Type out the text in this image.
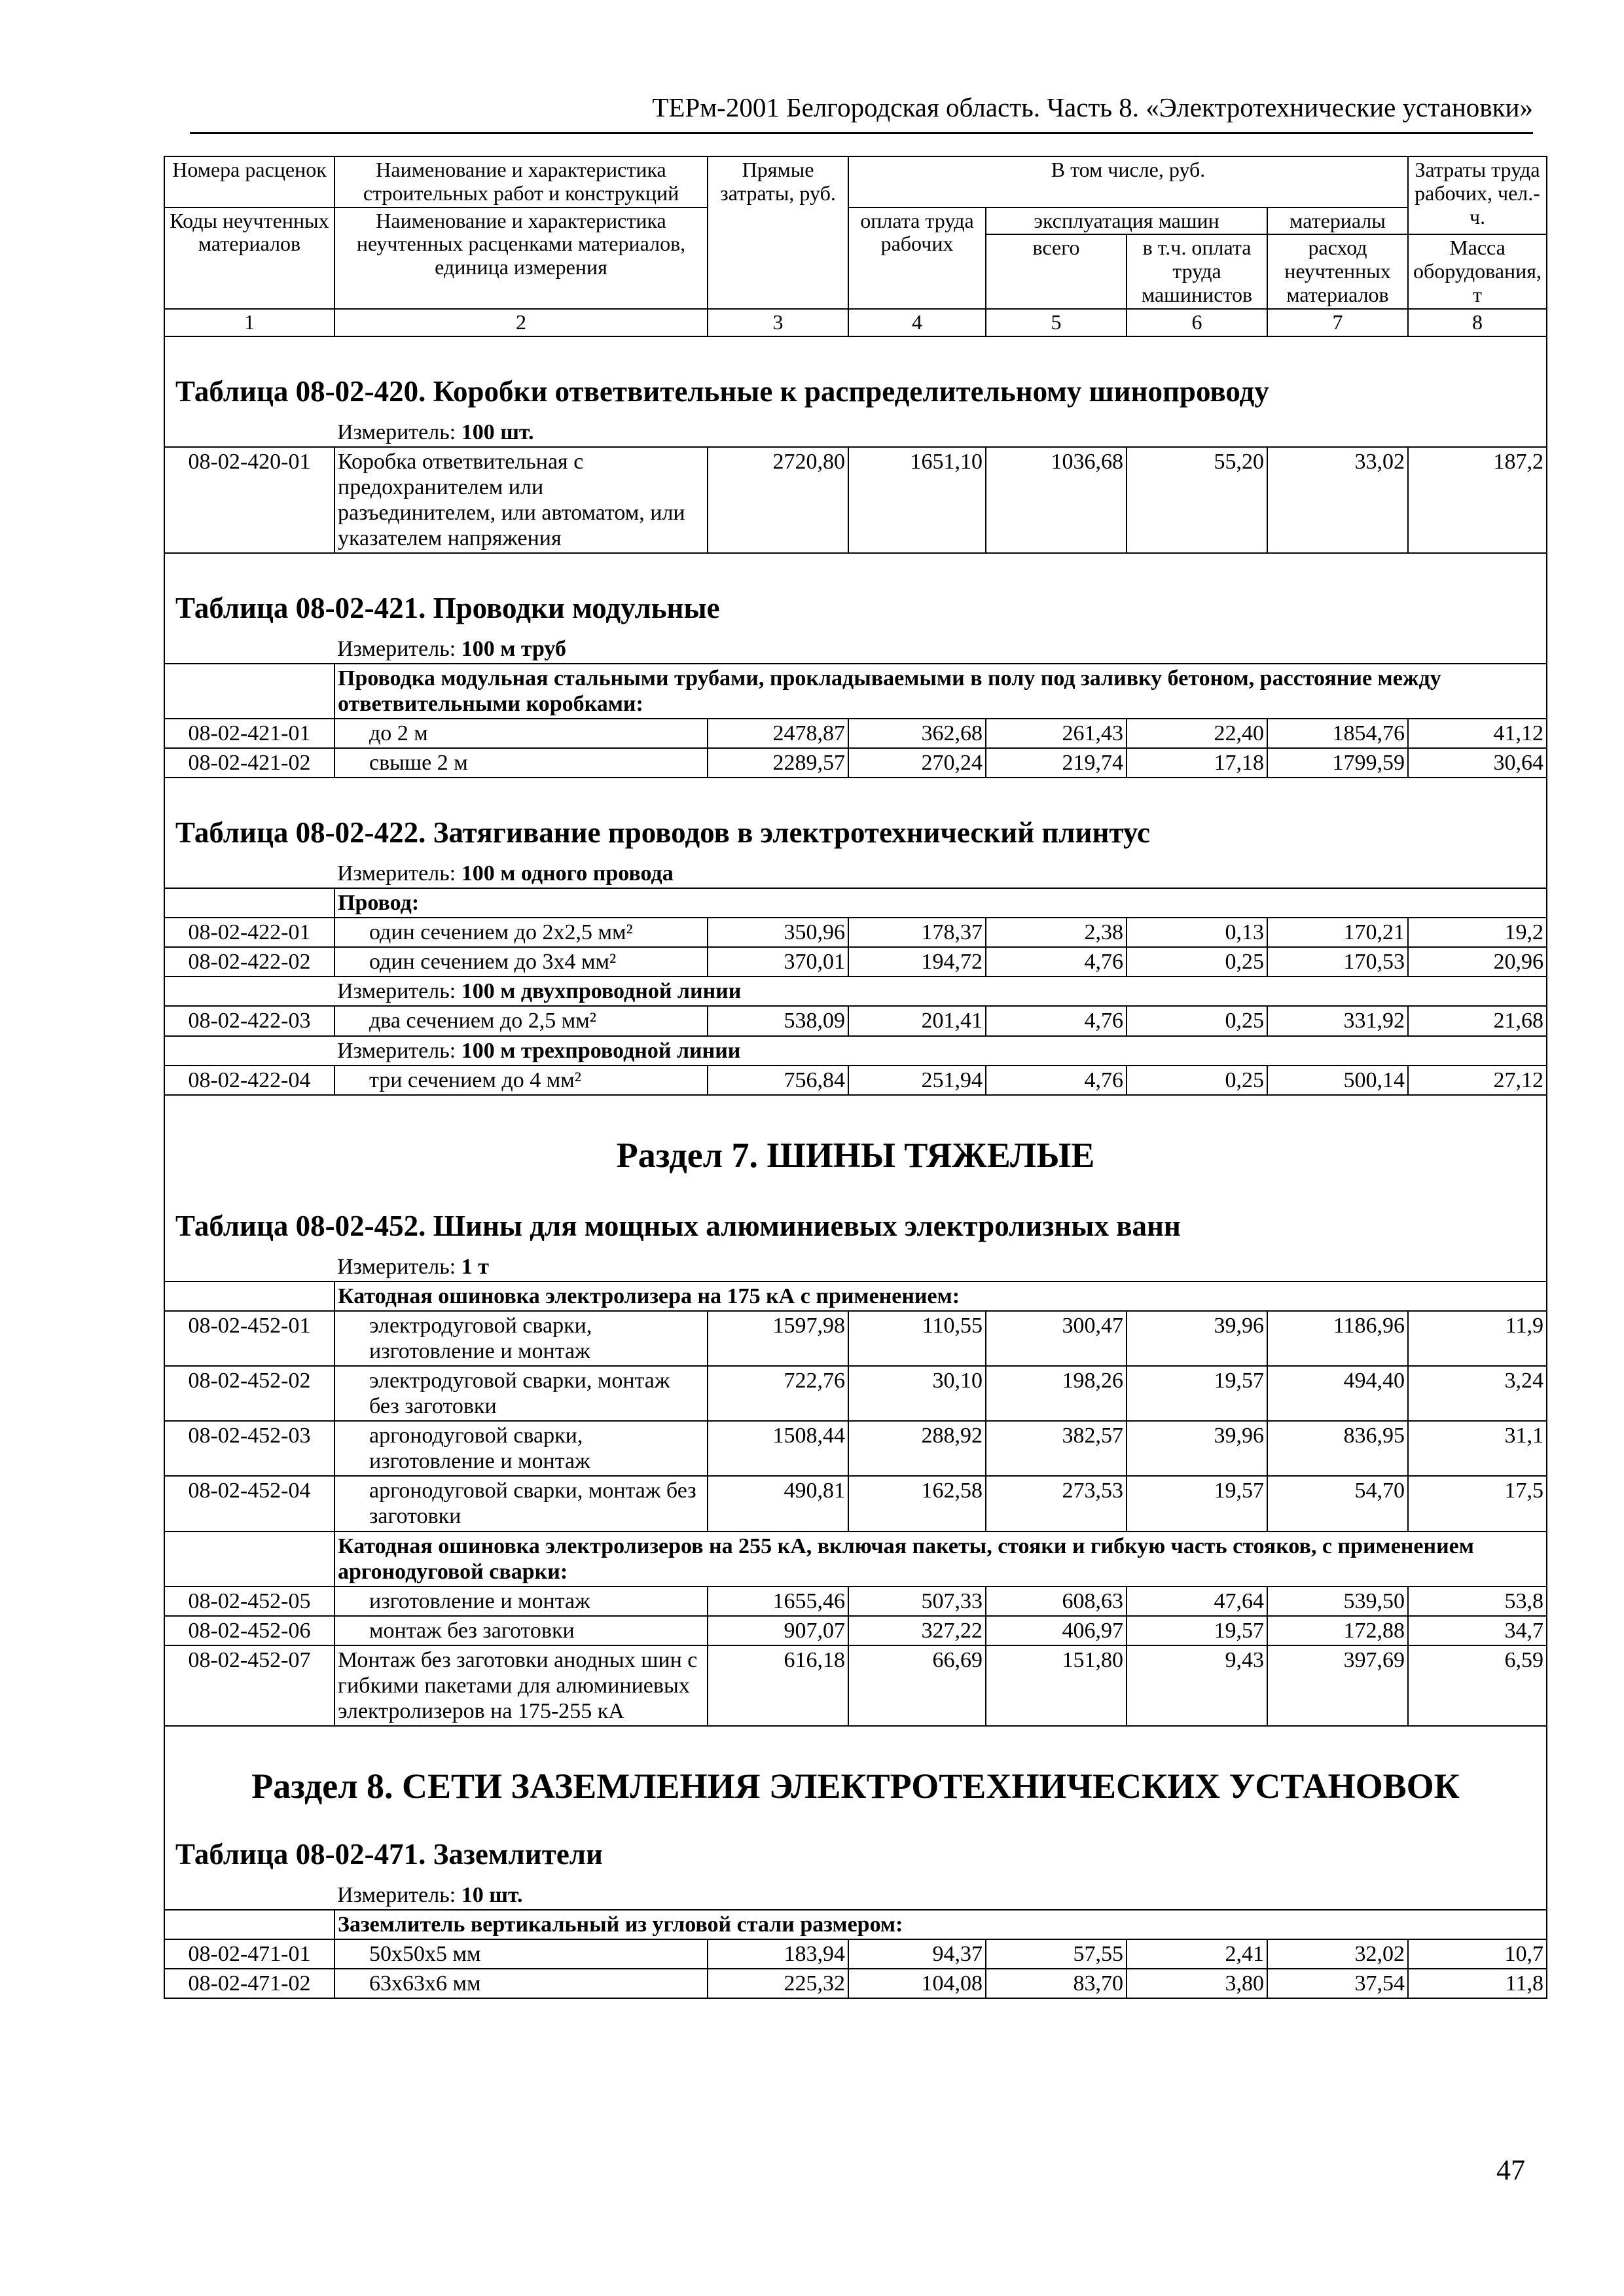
ТЕРм-2001 Белгородская область. Часть 8. «Электротехнические установки»
Номера расценок	Наименование и характеристика строительных работ и конструкций	Прямые затраты, руб.	В том числе, руб.				Затраты труда рабочих, чел.-ч.
Коды неучтенных материалов	Наименование и характеристика неучтенных расценками материалов, единица измерения		оплата труда рабочих	эксплуатация машин		материалы	
				всего	в т.ч. оплата труда машинистов	расход неучтенных материалов	
							Масса оборудования, т
1	2	3	4	5	6	7	8
Таблица 08-02-420. Коробки ответвительные к распределительному шинопроводу							
	Измеритель: 100 шт.						
08-02-420-01	Коробка ответвительная с предохранителем или разъединителем, или автоматом, или указателем напряжения	2720,80	1651,10	1036,68	55,20	33,02	187,2
Таблица 08-02-421. Проводки модульные							
	Измеритель: 100 м труб						
	Проводка модульная стальными трубами, прокладываемыми в полу под заливку бетоном, расстояние между ответвительными коробками:						
08-02-421-01	до 2 м	2478,87	362,68	261,43	22,40	1854,76	41,12
08-02-421-02	свыше 2 м	2289,57	270,24	219,74	17,18	1799,59	30,64
Таблица 08-02-422. Затягивание проводов в электротехнический плинтус							
	Измеритель: 100 м одного провода						
	Провод:						
08-02-422-01	один сечением до 2х2,5 мм²	350,96	178,37	2,38	0,13	170,21	19,2
08-02-422-02	один сечением до 3х4 мм²	370,01	194,72	4,76	0,25	170,53	20,96
	Измеритель: 100 м двухпроводной линии						
08-02-422-03	два сечением до 2,5 мм²	538,09	201,41	4,76	0,25	331,92	21,68
	Измеритель: 100 м трехпроводной линии						
08-02-422-04	три сечением до 4 мм²	756,84	251,94	4,76	0,25	500,14	27,12
Раздел 7. ШИНЫ ТЯЖЕЛЫЕ							
Таблица 08-02-452. Шины для мощных алюминиевых электролизных ванн							
	Измеритель: 1 т						
	Катодная ошиновка электролизера на 175 кА с применением:						
08-02-452-01	электродуговой сварки, изготовление и монтаж	1597,98	110,55	300,47	39,96	1186,96	11,9
08-02-452-02	электродуговой сварки, монтаж без заготовки	722,76	30,10	198,26	19,57	494,40	3,24
08-02-452-03	аргонодуговой сварки, изготовление и монтаж	1508,44	288,92	382,57	39,96	836,95	31,1
08-02-452-04	аргонодуговой сварки, монтаж без заготовки	490,81	162,58	273,53	19,57	54,70	17,5
	Катодная ошиновка электролизеров на 255 кА, включая пакеты, стояки и гибкую часть стояков, с применением аргонодуговой сварки:						
08-02-452-05	изготовление и монтаж	1655,46	507,33	608,63	47,64	539,50	53,8
08-02-452-06	монтаж без заготовки	907,07	327,22	406,97	19,57	172,88	34,7
08-02-452-07	Монтаж без заготовки анодных шин с гибкими пакетами для алюминиевых электролизеров на 175-255 кА	616,18	66,69	151,80	9,43	397,69	6,59
Раздел 8. СЕТИ ЗАЗЕМЛЕНИЯ ЭЛЕКТРОТЕХНИЧЕСКИХ УСТАНОВОК							
Таблица 08-02-471. Заземлители							
	Измеритель: 10 шт.						
	Заземлитель вертикальный из угловой стали размером:						
08-02-471-01	50х50х5 мм	183,94	94,37	57,55	2,41	32,02	10,7
08-02-471-02	63х63х6 мм	225,32	104,08	83,70	3,80	37,54	11,8
47
